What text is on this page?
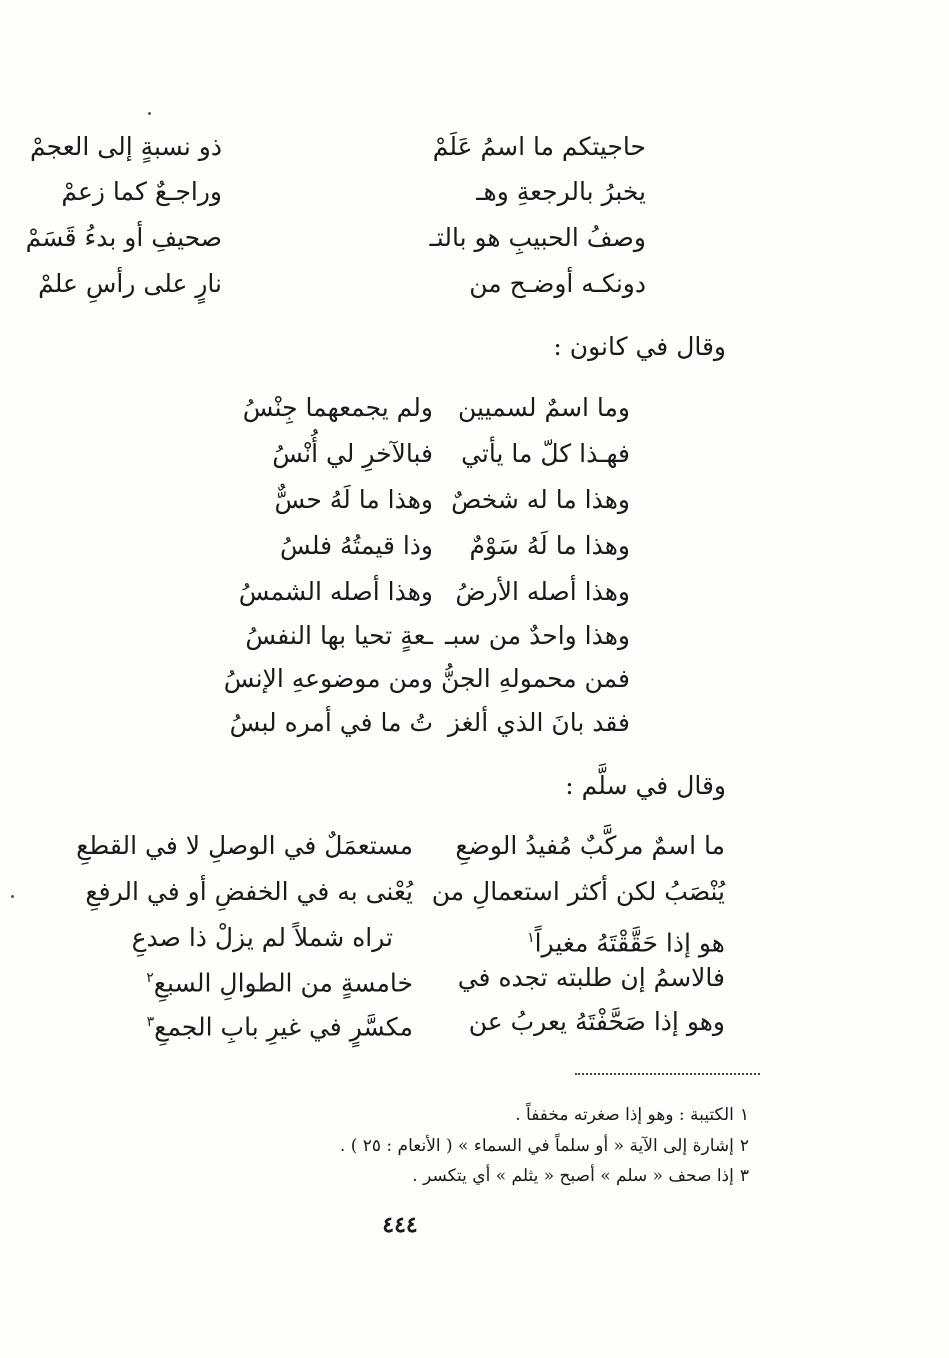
حاجيتكم ما اسمُ عَلَمْ
ذو نسبةٍ إلى العجمْ
يخبرُ بالرجعةِ وهـ
وراجـعٌ كما زعمْ
وصفُ الحبيبِ هو بالتـ
صحيفِ أو بدءُ قَسَمْ
دونكـه أوضـح من
نارٍ على رأسِ علمْ
وقال في كانون :
وما اسمٌ لسميين
ولم يجمعهما جِنْسُ
فهـذا كلّ ما يأتي
فبالآخرِ لي أُنْسُ
وهذا ما له شخصٌ
وهذا ما لَهُ حسٌّ
وهذا ما لَهُ سَوْمٌ
وذا قيمتُهُ فلسُ
وهذا أصله الأرضُ
وهذا أصله الشمسُ
وهذا واحدٌ من سبـ
ـعةٍ تحيا بها النفسُ
فمن محمولهِ الجنُّ
ومن موضوعهِ الإنسُ
فقد بانَ الذي ألغز
تُ ما في أمره لبسُ
وقال في سلَّم :
ما اسمٌ مركَّبٌ مُفيدُ الوضعِ
مستعمَلٌ في الوصلِ لا في القطعِ
يُنْصَبُ لكن أكثر استعمالِ من
يُعْنى به في الخفضِ أو في الرفعِ
هو إذا حَقَّقْتَهُ مغيراً$^١$
تراه شملاً لم يزلْ ذا صدعِ
فالاسمُ إن طلبته تجده في
خامسةٍ من الطوالِ السبعِ$^٢$
وهو إذا صَحَّفْتَهُ يعربُ عن
مكسَّرٍ في غيرِ بابِ الجمعِ$^٣$
١الكتيبة : وهو إذا صغرته مخففاً .
٢إشارة إلى الآية « أو سلماً في السماء » ( الأنعام : ٢٥ ) .
٣إذا صحف « سلم » أصبح « يثلم » أي يتكسر .
٤٤٤
